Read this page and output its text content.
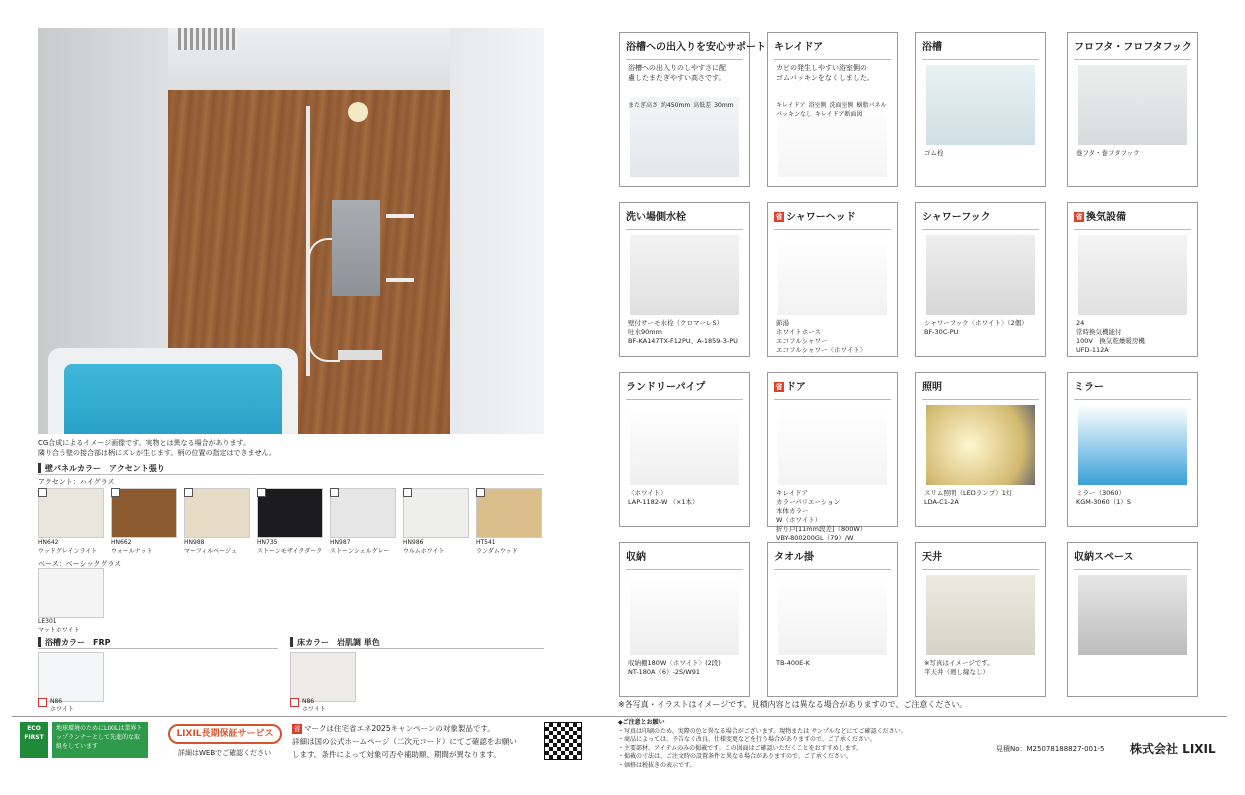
CG合成によるイメージ画像です。実物とは異なる場合があります。
隣り合う壁の接合部は柄にズレが生じます。柄の位置の指定はできません。
壁パネルカラー　アクセント張り
アクセント：ハイグラス
HN642
ウッドグレインライト
HN662
ウォールナット
HN988
マーフィルベージュ
HN735
ストーンモザイクダーク
HN987
ストーンシェルグレー
HN986
ウルムホワイト
HT541
ランダムウッド
ベース：ベーシックグラス
LE301
マットホワイト
浴槽カラー　FRP
N86
ホワイト
床カラー　岩肌調 単色
N86
ホワイト
浴槽への出入りを安心サポート
浴槽への出入りのしやすさに配
慮したまたぎやすい高さです。
またぎ高さ 約450mm 高低差 30mm
キレイドア
カビの発生しやすい浴室側の
ゴムパッキンをなくしました。
キレイドア 浴室側 洗面室側 樹脂パネル
パッキンなし キレイドア断面図
浴槽
ゴム栓
フロフタ・フロフタフック
巻フタ・巻フタフック
洗い場側水栓
壁付サーモ水栓（クロマーレS）
吐水90mm
BF-KA147TX-F12PU、A-1859-3-PU
省 シャワーヘッド
節湯
ホワイトホース
エコフルシャワー
エコフルシャワー〈ホワイト〉
シャワーフック
シャワーフック〈ホワイト〉（2個）
BF-30C-PU
省 換気設備
24
常時換気機能付
100V　換気乾燥暖房機
UFD-112A
ランドリーパイプ
〈ホワイト〉
LAP-1182-W （×1本）
省 ドア
キレイドア
カラーバリエーション
本体カラー
W（ホワイト）
折り戸[11mm段差]（800W）
VBY-800200GL（79）/W
照明
スリム照明（LEDランプ）1灯
LDA-C1-2A
ミラー
ミラー（3060）
KGM-3060（1）S
収納
収納棚180W〈ホワイト〉(2段)
NT-180A（6）-2S/W91
タオル掛
TB-400E-K
天井
※写真はイメージです。
平天井（廻し縁なし）
収納スペース
※各写真・イラストはイメージです。見積内容とは異なる場合がありますので、ご注意ください。
ECO FIRST
地球環境のためにLIXILは業界トップランナーとして先進的な取組をしています
LIXIL長期保証サービス
詳細はWEBでご確認ください
省 マークは住宅省エネ2025キャンペーンの対象製品です。
詳細は国の公式ホームページ（二次元コード）にてご確認をお願い
します。条件によって対象可否や補助額、期間が異なります。
◆ご注意とお願い
・写真は印刷のため、実際の色と異なる場合がございます。現物または サンプルなどにてご確認ください。
・商品によっては、予告なく改良、仕様変更などを行う場合がありますので、ご了承ください。
・主要部材、アイテムのみの掲載です。この図面はご確認いただくことをおすすめします。
・掲載の寸法は、ご注文時の設置条件と異なる場合がありますので、ご了承ください。
・価格は税抜きの表示です。
見積No：M25078188827-001-5 株式会社 LIXIL
